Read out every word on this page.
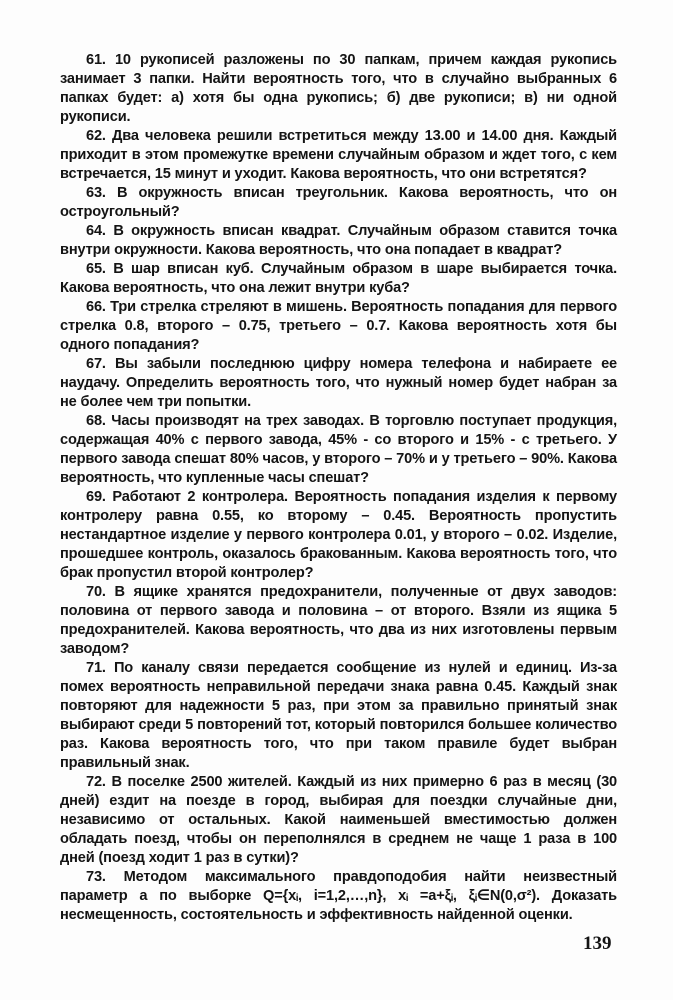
61. 10 рукописей разложены по 30 папкам, причем каждая рукопись занимает 3 папки. Найти вероятность того, что в случайно выбранных 6 папках будет: а) хотя бы одна рукопись; б) две рукописи; в) ни одной рукописи.

62. Два человека решили встретиться между 13.00 и 14.00 дня. Каждый приходит в этом промежутке времени случайным образом и ждет того, с кем встречается, 15 минут и уходит. Какова вероятность, что они встретятся?

63. В окружность вписан треугольник. Какова вероятность, что он остроугольный?

64. В окружность вписан квадрат. Случайным образом ставится точка внутри окружности. Какова вероятность, что она попадает в квадрат?

65. В шар вписан куб. Случайным образом в шаре выбирается точка. Какова вероятность, что она лежит внутри куба?

66. Три стрелка стреляют в мишень. Вероятность попадания для первого стрелка 0.8, второго – 0.75, третьего – 0.7. Какова вероятность хотя бы одного попадания?

67. Вы забыли последнюю цифру номера телефона и набираете ее наудачу. Определить вероятность того, что нужный номер будет набран за не более чем три попытки.

68. Часы производят на трех заводах. В торговлю поступает продукция, содержащая 40% с первого завода, 45% - со второго и 15% - с третьего. У первого завода спешат 80% часов, у второго – 70% и у третьего – 90%. Какова вероятность, что купленные часы спешат?

69. Работают 2 контролера. Вероятность попадания изделия к первому контролеру равна 0.55, ко второму – 0.45. Вероятность пропустить нестандартное изделие у первого контролера 0.01, у второго – 0.02. Изделие, прошедшее контроль, оказалось бракованным. Какова вероятность того, что брак пропустил второй контролер?

70. В ящике хранятся предохранители, полученные от двух заводов: половина от первого завода и половина – от второго. Взяли из ящика 5 предохранителей. Какова вероятность, что два из них изготовлены первым заводом?

71. По каналу связи передается сообщение из нулей и единиц. Из-за помех вероятность неправильной передачи знака равна 0.45. Каждый знак повторяют для надежности 5 раз, при этом за правильно принятый знак выбирают среди 5 повторений тот, который повторился большее количество раз. Какова вероятность того, что при таком правиле будет выбран правильный знак.

72. В поселке 2500 жителей. Каждый из них примерно 6 раз в месяц (30 дней) ездит на поезде в город, выбирая для поездки случайные дни, независимо от остальных. Какой наименьшей вместимостью должен обладать поезд, чтобы он переполнялся в среднем не чаще 1 раза в 100 дней (поезд ходит 1 раз в сутки)?

73. Методом максимального правдоподобия найти неизвестный параметр a по выборке Q={xᵢ, i=1,2,…,n}, xᵢ =a+ξᵢ, ξᵢ∈N(0,σ²). Доказать несмещенность, состоятельность и эффективность найденной оценки.

139
